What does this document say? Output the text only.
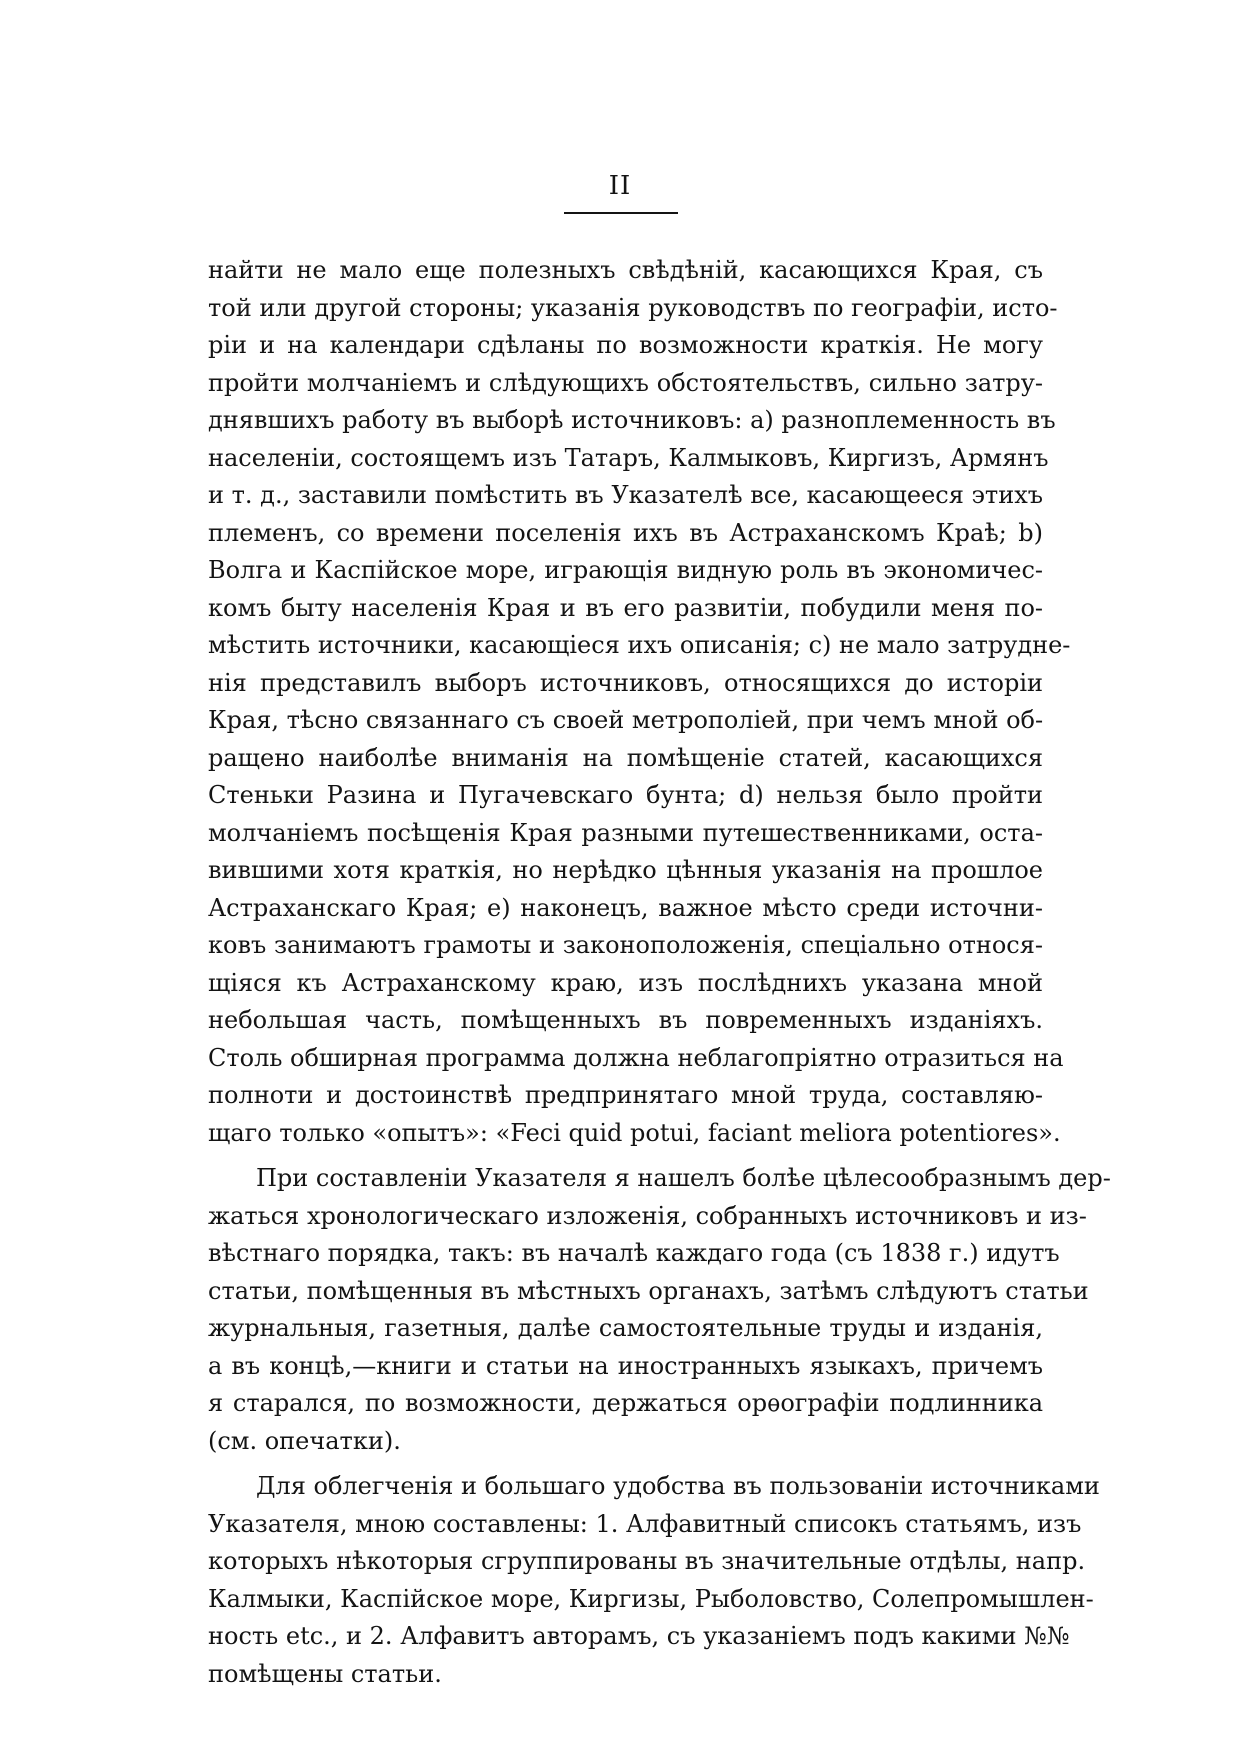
II
найти не мало еще полезныхъ свѣдѣній, касающихся Края, съ
той или другой стороны; указанія руководствъ по географіи, исто-
ріи и на календари сдѣланы по возможности краткія. Не могу
пройти молчаніемъ и слѣдующихъ обстоятельствъ, сильно затру-
днявшихъ работу въ выборѣ источниковъ: a) разноплеменность въ
населеніи, состоящемъ изъ Татаръ, Калмыковъ, Киргизъ, Армянъ
и т. д., заставили помѣстить въ Указателѣ все, касающееся этихъ
племенъ, со времени поселенія ихъ въ Астраханскомъ Краѣ; b)
Волга и Каспійское море, играющія видную роль въ экономичес-
комъ быту населенія Края и въ его развитіи, побудили меня по-
мѣстить источники, касающіеся ихъ описанія; c) не мало затрудне-
нія представилъ выборъ источниковъ, относящихся до исторіи
Края, тѣсно связаннаго съ своей метрополіей, при чемъ мной об-
ращено наиболѣе вниманія на помѣщеніе статей, касающихся
Стеньки Разина и Пугачевскаго бунта; d) нельзя было пройти
молчаніемъ посѣщенія Края разными путешественниками, оста-
вившими хотя краткія, но нерѣдко цѣнныя указанія на прошлое
Астраханскаго Края; e) наконецъ, важное мѣсто среди источни-
ковъ занимаютъ грамоты и законоположенія, спеціально относя-
щіяся къ Астраханскому краю, изъ послѣднихъ указана мной
небольшая часть, помѣщенныхъ въ повременныхъ изданіяхъ.
Столь обширная программа должна неблагопріятно отразиться на
полноти и достоинствѣ предпринятаго мной труда, составляю-
щаго только «опытъ»: «Feci quid potui, faciant meliora potentiores».
При составленіи Указателя я нашелъ болѣе цѣлесообразнымъ дер-
жаться хронологическаго изложенія, собранныхъ источниковъ и из-
вѣстнаго порядка, такъ: въ началѣ каждаго года (съ 1838 г.) идутъ
статьи, помѣщенныя въ мѣстныхъ органахъ, затѣмъ слѣдуютъ статьи
журнальныя, газетныя, далѣе самостоятельные труды и изданія,
а въ концѣ,—книги и статьи на иностранныхъ языкахъ, причемъ
я старался, по возможности, держаться орѳографіи подлинника
(см. опечатки).
Для облегченія и большаго удобства въ пользованіи источниками
Указателя, мною составлены: 1. Алфавитный списокъ статьямъ, изъ
которыхъ нѣкоторыя сгруппированы въ значительные отдѣлы, напр.
Калмыки, Каспійское море, Киргизы, Рыболовство, Солепромышлен-
ность etc., и 2. Алфавитъ авторамъ, съ указаніемъ подъ какими №№
помѣщены статьи.
